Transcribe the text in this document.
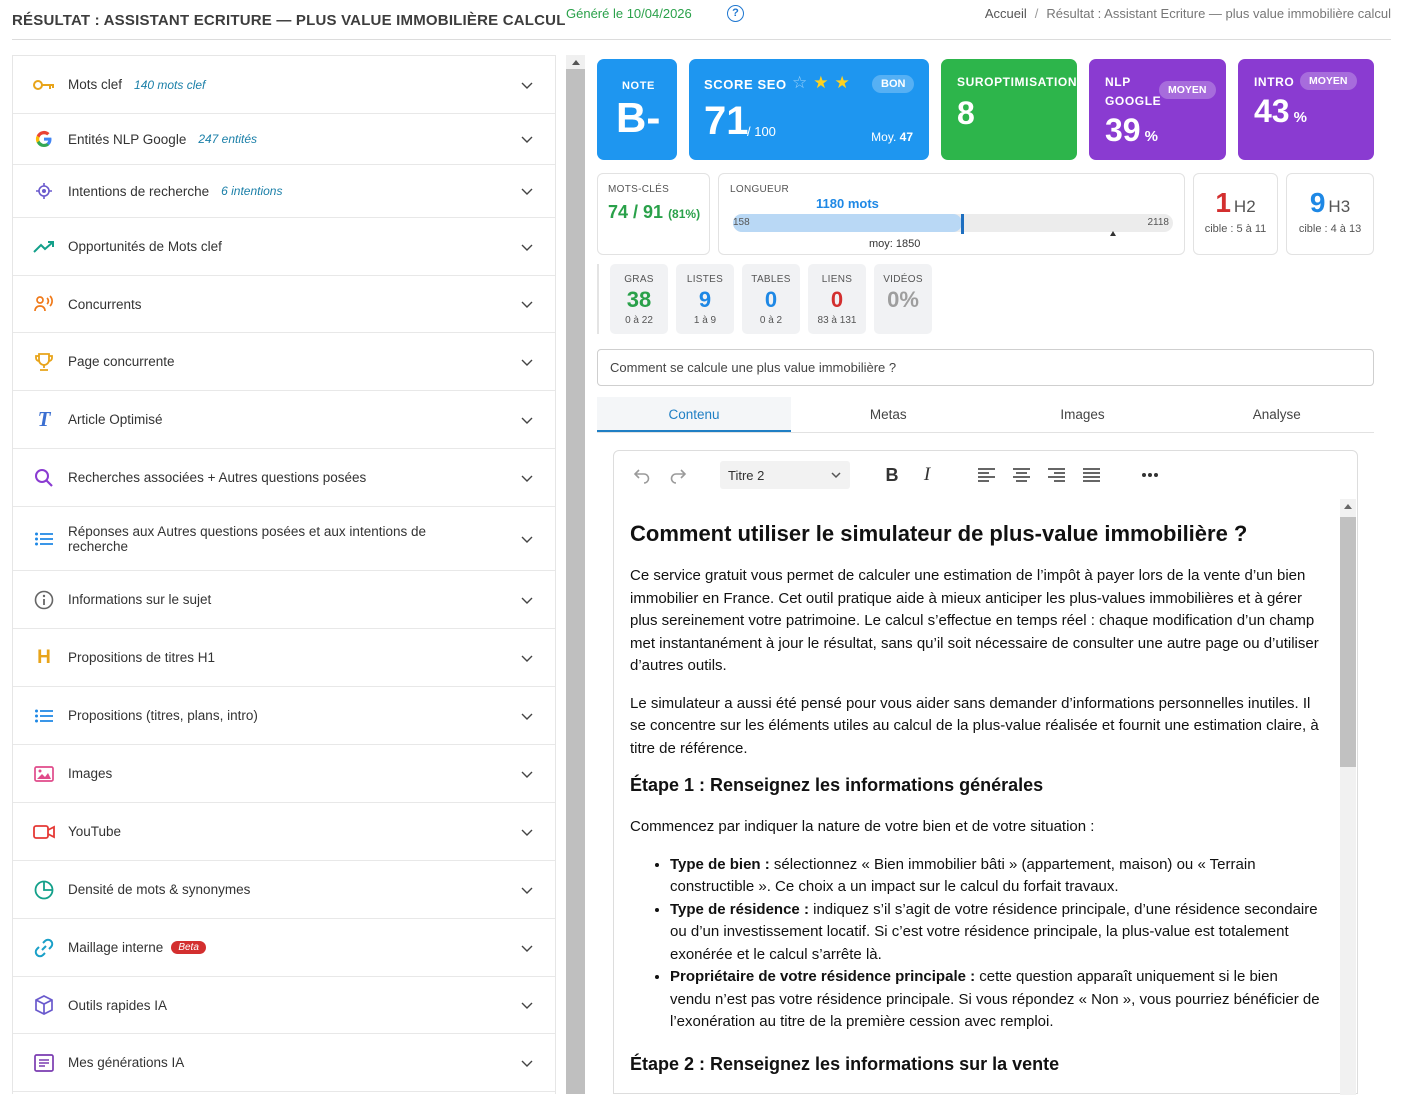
RÉSULTAT : ASSISTANT ECRITURE — PLUS VALUE IMMOBILIÈRE CALCUL Généré le 10/04/2026	?	Accueil / Résultat : Assistant Ecriture — plus value immobilière calcul
Mots clef 140 mots clef
Entités NLP Google 247 entités
Intentions de recherche 6 intentions
Opportunités de Mots clef
Concurrents
Page concurrente
T Article Optimisé
Recherches associées + Autres questions posées
Réponses aux Autres questions posées et aux intentions de recherche
Informations sur le sujet
H Propositions de titres H1
Propositions (titres, plans, intro)
Images
YouTube
Densité de mots & synonymes
Maillage interne	Beta
Outils rapides IA
Mes générations IA
NOTE
B-
SCORE SEO ☆★★	BON
71
/ 100	Moy. 47
SUROPTIMISATION
8
NLP
GOOGLE
MOYEN
39 %
INTRO	MOYEN
43 %
MOTS-CLÉS
74 / 91 (81%)
LONGUEUR
1180 mots
158	2118
moy: 1850
1 H2
cible : 5 à 11
9 H3
cible : 4 à 13
GRAS
38
0 à 22
LISTES
9
1 à 9
TABLES
0
0 à 2
LIENS
0
83 à 131
VIDÉOS
0%
Comment se calcule une plus value immobilière ?
Contenu	Metas	Images	Analyse
Titre 2	B	I
Comment utiliser le simulateur de plus-value immobilière ?

Ce service gratuit vous permet de calculer une estimation de l’impôt à payer lors de la vente d’un bien immobilier en France. Cet outil pratique aide à mieux anticiper les plus-values immobilières et à gérer plus sereinement votre patrimoine. Le calcul s’effectue en temps réel : chaque modification d’un champ met instantanément à jour le résultat, sans qu’il soit nécessaire de consulter une autre page ou d’utiliser d’autres outils.

Le simulateur a aussi été pensé pour vous aider sans demander d’informations personnelles inutiles. Il se concentre sur les éléments utiles au calcul de la plus-value réalisée et fournit une estimation claire, à titre de référence.

Étape 1 : Renseignez les informations générales

Commencez par indiquer la nature de votre bien et de votre situation :

• Type de bien : sélectionnez « Bien immobilier bâti » (appartement, maison) ou « Terrain constructible ». Ce choix a un impact sur le calcul du forfait travaux.
• Type de résidence : indiquez s’il s’agit de votre résidence principale, d’une résidence secondaire ou d’un investissement locatif. Si c’est votre résidence principale, la plus-value est totalement exonérée et le calcul s’arrête là.
• Propriétaire de votre résidence principale : cette question apparaît uniquement si le bien vendu n’est pas votre résidence principale. Si vous répondez « Non », vous pourriez bénéficier de l’exonération au titre de la première cession avec remploi.
Étape 2 : Renseignez les informations sur la vente
